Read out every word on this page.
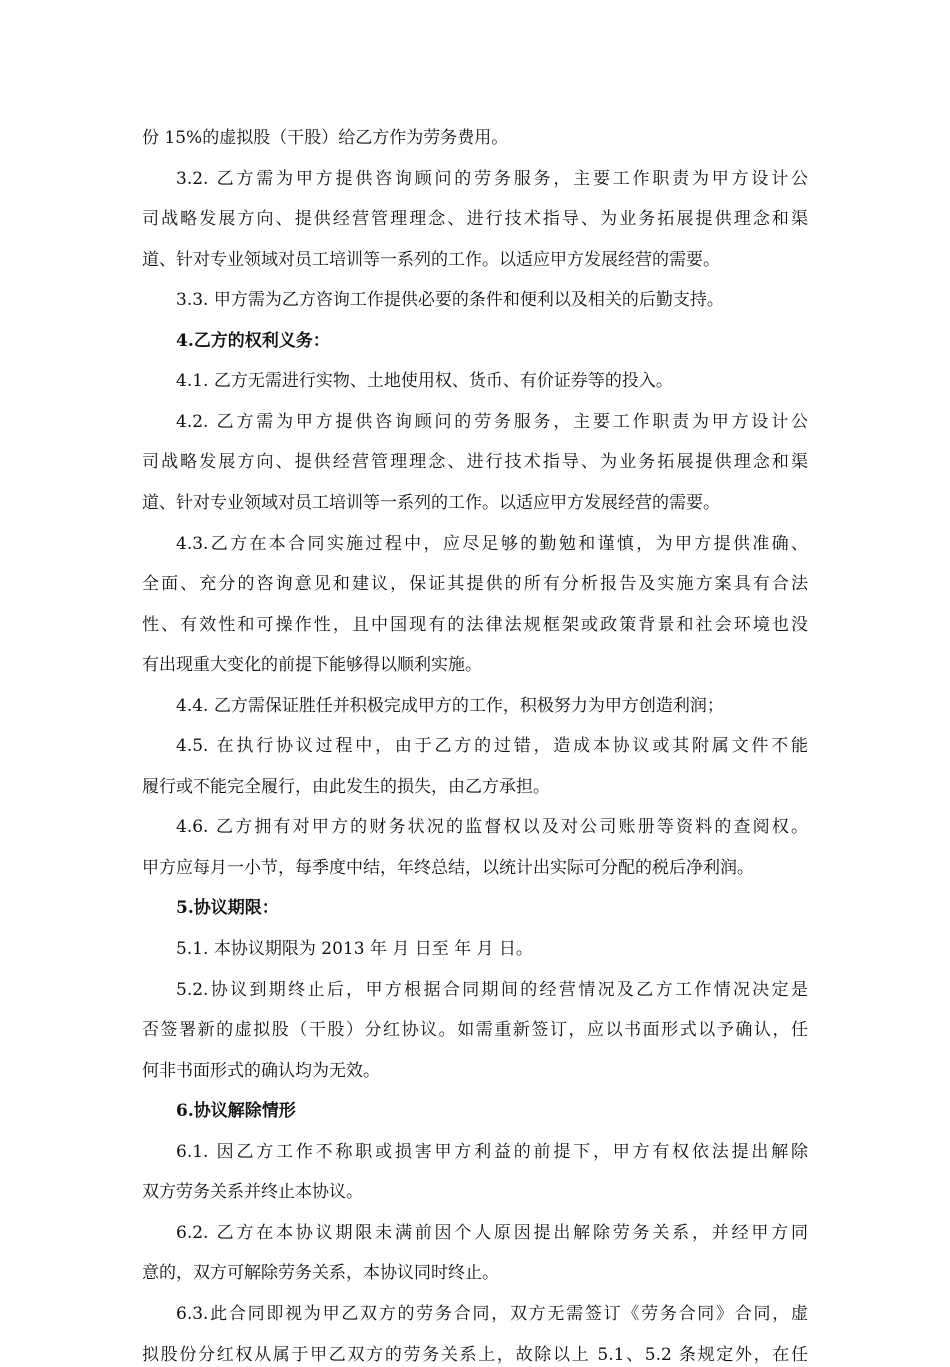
份 15%的虚拟股（干股）给乙方作为劳务费用。
3.2. 乙方需为甲方提供咨询顾问的劳务服务，主要工作职责为甲方设计公
司战略发展方向、提供经营管理理念、进行技术指导、为业务拓展提供理念和渠
道、针对专业领域对员工培训等一系列的工作。以适应甲方发展经营的需要。
3.3. 甲方需为乙方咨询工作提供必要的条件和便利以及相关的后勤支持。
4.乙方的权利义务：
4.1. 乙方无需进行实物、土地使用权、货币、有价证券等的投入。
4.2. 乙方需为甲方提供咨询顾问的劳务服务，主要工作职责为甲方设计公
司战略发展方向、提供经营管理理念、进行技术指导、为业务拓展提供理念和渠
道、针对专业领域对员工培训等一系列的工作。以适应甲方发展经营的需要。
4.3.乙方在本合同实施过程中，应尽足够的勤勉和谨慎，为甲方提供准确、
全面、充分的咨询意见和建议，保证其提供的所有分析报告及实施方案具有合法
性、有效性和可操作性，且中国现有的法律法规框架或政策背景和社会环境也没
有出现重大变化的前提下能够得以顺利实施。
4.4. 乙方需保证胜任并积极完成甲方的工作，积极努力为甲方创造利润；
4.5. 在执行协议过程中，由于乙方的过错，造成本协议或其附属文件不能
履行或不能完全履行，由此发生的损失，由乙方承担。
4.6. 乙方拥有对甲方的财务状况的监督权以及对公司账册等资料的查阅权。
甲方应每月一小节，每季度中结，年终总结，以统计出实际可分配的税后净利润。
5.协议期限：
5.1. 本协议期限为 2013 年 月 日至 年 月 日。
5.2.协议到期终止后，甲方根据合同期间的经营情况及乙方工作情况决定是
否签署新的虚拟股（干股）分红协议。如需重新签订，应以书面形式以予确认，任
何非书面形式的确认均为无效。
6.协议解除情形
6.1. 因乙方工作不称职或损害甲方利益的前提下，甲方有权依法提出解除
双方劳务关系并终止本协议。
6.2. 乙方在本协议期限未满前因个人原因提出解除劳务关系，并经甲方同
意的，双方可解除劳务关系，本协议同时终止。
6.3.此合同即视为甲乙双方的劳务合同，双方无需签订《劳务合同》合同，虚
拟股份分红权从属于甲乙双方的劳务关系上，故除以上 5.1、5.2 条规定外，在任
